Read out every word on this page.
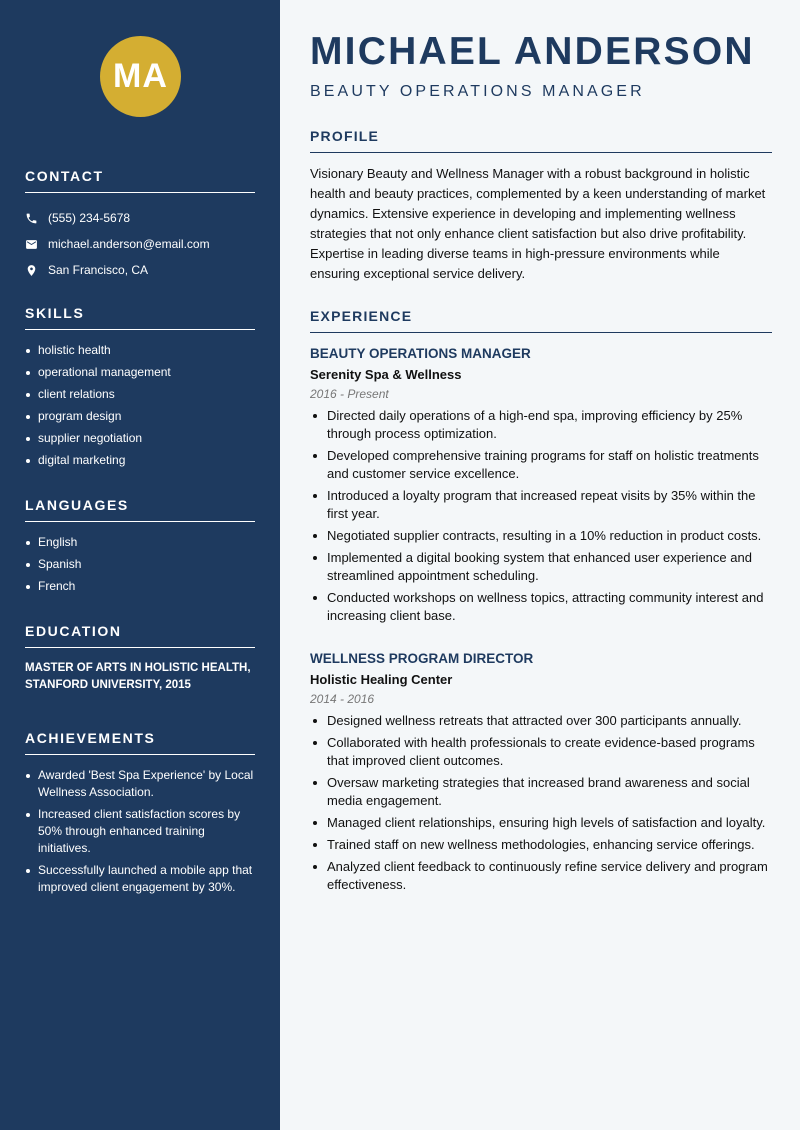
MA
CONTACT
(555) 234-5678
michael.anderson@email.com
San Francisco, CA
SKILLS
holistic health
operational management
client relations
program design
supplier negotiation
digital marketing
LANGUAGES
English
Spanish
French
EDUCATION
MASTER OF ARTS IN HOLISTIC HEALTH, STANFORD UNIVERSITY, 2015
ACHIEVEMENTS
Awarded 'Best Spa Experience' by Local Wellness Association.
Increased client satisfaction scores by 50% through enhanced training initiatives.
Successfully launched a mobile app that improved client engagement by 30%.
MICHAEL ANDERSON
BEAUTY OPERATIONS MANAGER
PROFILE

Visionary Beauty and Wellness Manager with a robust background in holistic health and beauty practices, complemented by a keen understanding of market dynamics. Extensive experience in developing and implementing wellness strategies that not only enhance client satisfaction but also drive profitability. Expertise in leading diverse teams in high-pressure environments while ensuring exceptional service delivery.

EXPERIENCE
BEAUTY OPERATIONS MANAGER
Serenity Spa & Wellness
2016 - Present
Directed daily operations of a high-end spa, improving efficiency by 25% through process optimization.
Developed comprehensive training programs for staff on holistic treatments and customer service excellence.
Introduced a loyalty program that increased repeat visits by 35% within the first year.
Negotiated supplier contracts, resulting in a 10% reduction in product costs.
Implemented a digital booking system that enhanced user experience and streamlined appointment scheduling.
Conducted workshops on wellness topics, attracting community interest and increasing client base.
WELLNESS PROGRAM DIRECTOR
Holistic Healing Center
2014 - 2016
Designed wellness retreats that attracted over 300 participants annually.
Collaborated with health professionals to create evidence-based programs that improved client outcomes.
Oversaw marketing strategies that increased brand awareness and social media engagement.
Managed client relationships, ensuring high levels of satisfaction and loyalty.
Trained staff on new wellness methodologies, enhancing service offerings.
Analyzed client feedback to continuously refine service delivery and program effectiveness.
